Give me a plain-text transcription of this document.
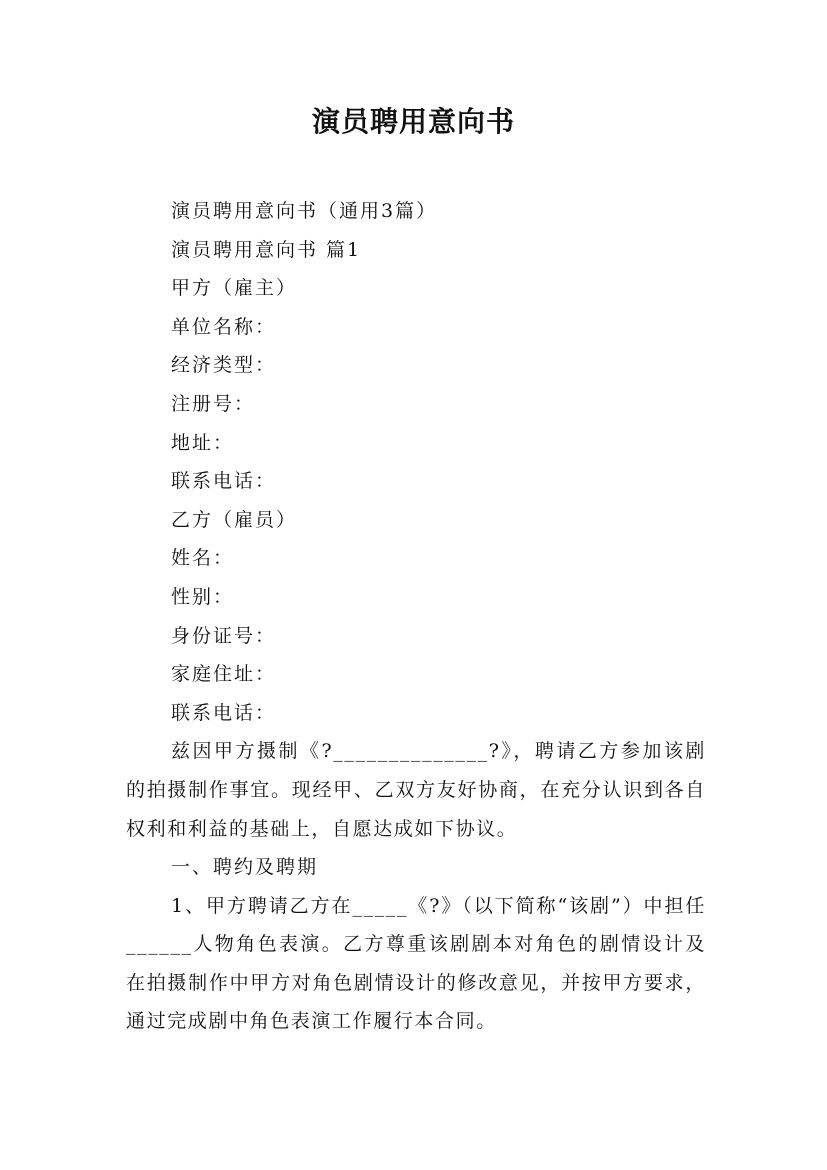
演员聘用意向书

演员聘用意向书（通用3篇）

演员聘用意向书 篇1

甲方（雇主）

单位名称：

经济类型：

注册号：

地址：

联系电话：

乙方（雇员）

姓名：

性别：

身份证号：

家庭住址：

联系电话：

兹因甲方摄制《?______________?》，聘请乙方参加该剧的拍摄制作事宜。现经甲、乙双方友好协商，在充分认识到各自权利和利益的基础上，自愿达成如下协议。

一、聘约及聘期

1、甲方聘请乙方在_____《?》（以下简称“该剧”）中担任______人物角色表演。乙方尊重该剧剧本对角色的剧情设计及在拍摄制作中甲方对角色剧情设计的修改意见，并按甲方要求，通过完成剧中角色表演工作履行本合同。
